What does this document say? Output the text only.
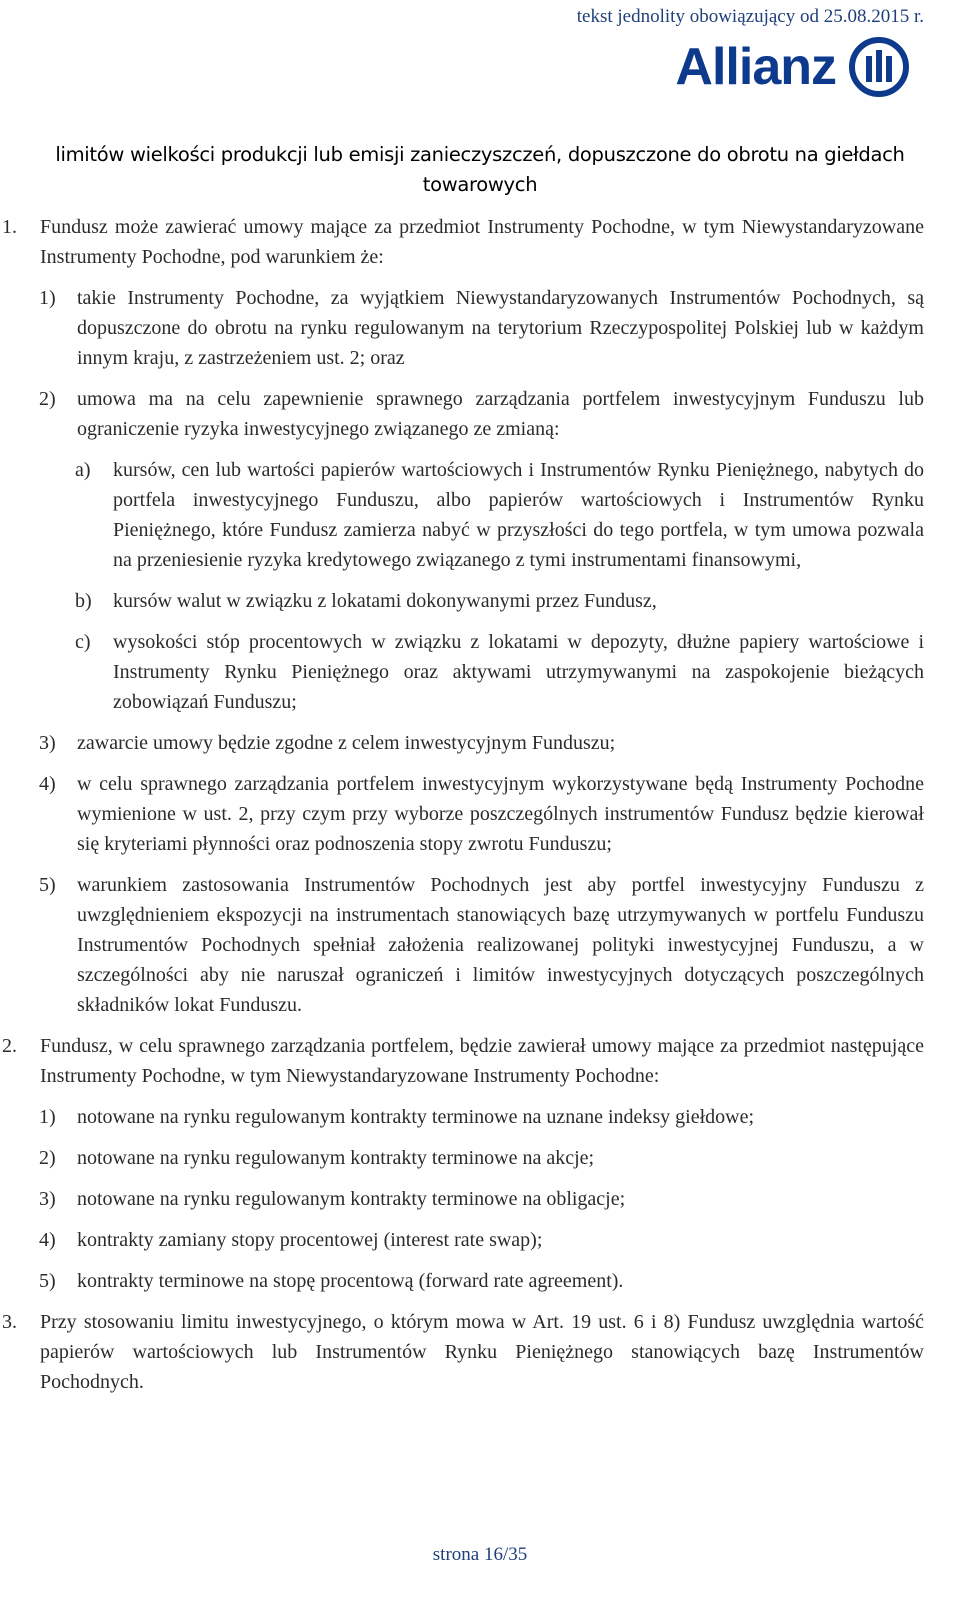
tekst jednolity obowiązujący od 25.08.2015 r.
Allianz
limitów wielkości produkcji lub emisji zanieczyszczeń, dopuszczone do obrotu na giełdach towarowych
1. Fundusz może zawierać umowy mające za przedmiot Instrumenty Pochodne, w tym Niewystandaryzowane Instrumenty Pochodne, pod warunkiem że:
1) takie Instrumenty Pochodne, za wyjątkiem Niewystandaryzowanych Instrumentów Pochodnych, są dopuszczone do obrotu na rynku regulowanym na terytorium Rzeczypospolitej Polskiej lub w każdym innym kraju, z zastrzeżeniem ust. 2; oraz
2) umowa ma na celu zapewnienie sprawnego zarządzania portfelem inwestycyjnym Funduszu lub ograniczenie ryzyka inwestycyjnego związanego ze zmianą:
a) kursów, cen lub wartości papierów wartościowych i Instrumentów Rynku Pieniężnego, nabytych do portfela inwestycyjnego Funduszu, albo papierów wartościowych i Instrumentów Rynku Pieniężnego, które Fundusz zamierza nabyć w przyszłości do tego portfela, w tym umowa pozwala na przeniesienie ryzyka kredytowego związanego z tymi instrumentami finansowymi,
b) kursów walut w związku z lokatami dokonywanymi przez Fundusz,
c) wysokości stóp procentowych w związku z lokatami w depozyty, dłużne papiery wartościowe i Instrumenty Rynku Pieniężnego oraz aktywami utrzymywanymi na zaspokojenie bieżących zobowiązań Funduszu;
3) zawarcie umowy będzie zgodne z celem inwestycyjnym Funduszu;
4) w celu sprawnego zarządzania portfelem inwestycyjnym wykorzystywane będą Instrumenty Pochodne wymienione w ust. 2, przy czym przy wyborze poszczególnych instrumentów Fundusz będzie kierował się kryteriami płynności oraz podnoszenia stopy zwrotu Funduszu;
5) warunkiem zastosowania Instrumentów Pochodnych jest aby portfel inwestycyjny Funduszu z uwzględnieniem ekspozycji na instrumentach stanowiących bazę utrzymywanych w portfelu Funduszu Instrumentów Pochodnych spełniał założenia realizowanej polityki inwestycyjnej Funduszu, a w szczególności aby nie naruszał ograniczeń i limitów inwestycyjnych dotyczących poszczególnych składników lokat Funduszu.
2. Fundusz, w celu sprawnego zarządzania portfelem, będzie zawierał umowy mające za przedmiot następujące Instrumenty Pochodne, w tym Niewystandaryzowane Instrumenty Pochodne:
1) notowane na rynku regulowanym kontrakty terminowe na uznane indeksy giełdowe;
2) notowane na rynku regulowanym kontrakty terminowe na akcje;
3) notowane na rynku regulowanym kontrakty terminowe na obligacje;
4) kontrakty zamiany stopy procentowej (interest rate swap);
5) kontrakty terminowe na stopę procentową (forward rate agreement).
3. Przy stosowaniu limitu inwestycyjnego, o którym mowa w Art. 19 ust. 6 i 8) Fundusz uwzględnia wartość papierów wartościowych lub Instrumentów Rynku Pieniężnego stanowiących bazę Instrumentów Pochodnych.
strona 16/35
